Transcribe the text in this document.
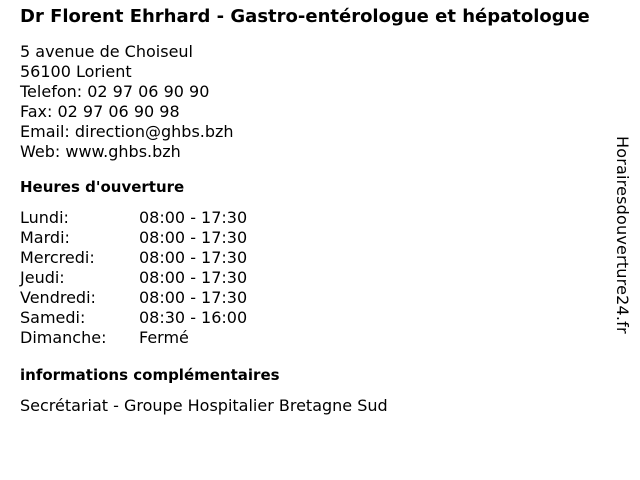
Dr Florent Ehrhard - Gastro-entérologue et hépatologue
5 avenue de Choiseul
56100 Lorient
Telefon: 02 97 06 90 90
Fax: 02 97 06 90 98
Email: direction@ghbs.bzh
Web: www.ghbs.bzh
Heures d'ouverture
Lundi:	08:00 - 17:30
Mardi:	08:00 - 17:30
Mercredi:	08:00 - 17:30
Jeudi:	08:00 - 17:30
Vendredi:	08:00 - 17:30
Samedi:	08:30 - 16:00
Dimanche:	Fermé
informations complémentaires
Secrétariat - Groupe Hospitalier Bretagne Sud
Horairesdouverture24.fr
